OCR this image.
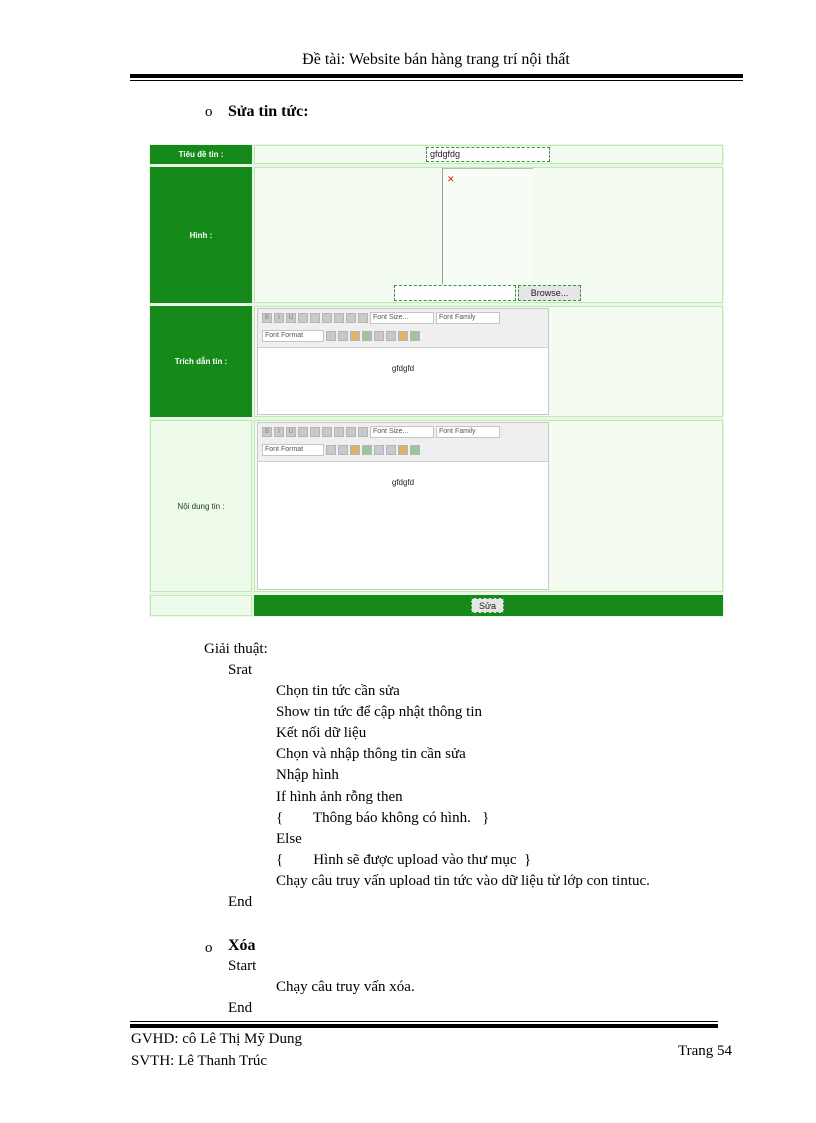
Đề tài: Website bán hàng trang trí nội thất
o Sửa tin tức:
Tiêu đề tin :	gfdgfdg
Hình :
✕
Browse...
Trích dẫn tin :
B	I	U	Font Size...	Font Family
Font Format
gfdgfd
Nội dung tin :
B	I	U	Font Size...	Font Family
Font Format
gfdgfd
Sửa
Giải thuật:
Srat
Chọn tin tức cần sửa
Show tin tức để cập nhật thông tin
Kết nối dữ liệu
Chọn và nhập thông tin cần sửa
Nhập hình
If hình ảnh rỗng then
{        Thông báo không có hình.   }
Else
{        Hình sẽ được upload vào thư mục  }
Chạy câu truy vấn upload tin tức vào dữ liệu từ lớp con tintuc.
End
o Xóa
Start
Chạy câu truy vấn xóa.
End
GVHD: cô Lê Thị Mỹ Dung
SVTH: Lê Thanh Trúc
Trang 54
